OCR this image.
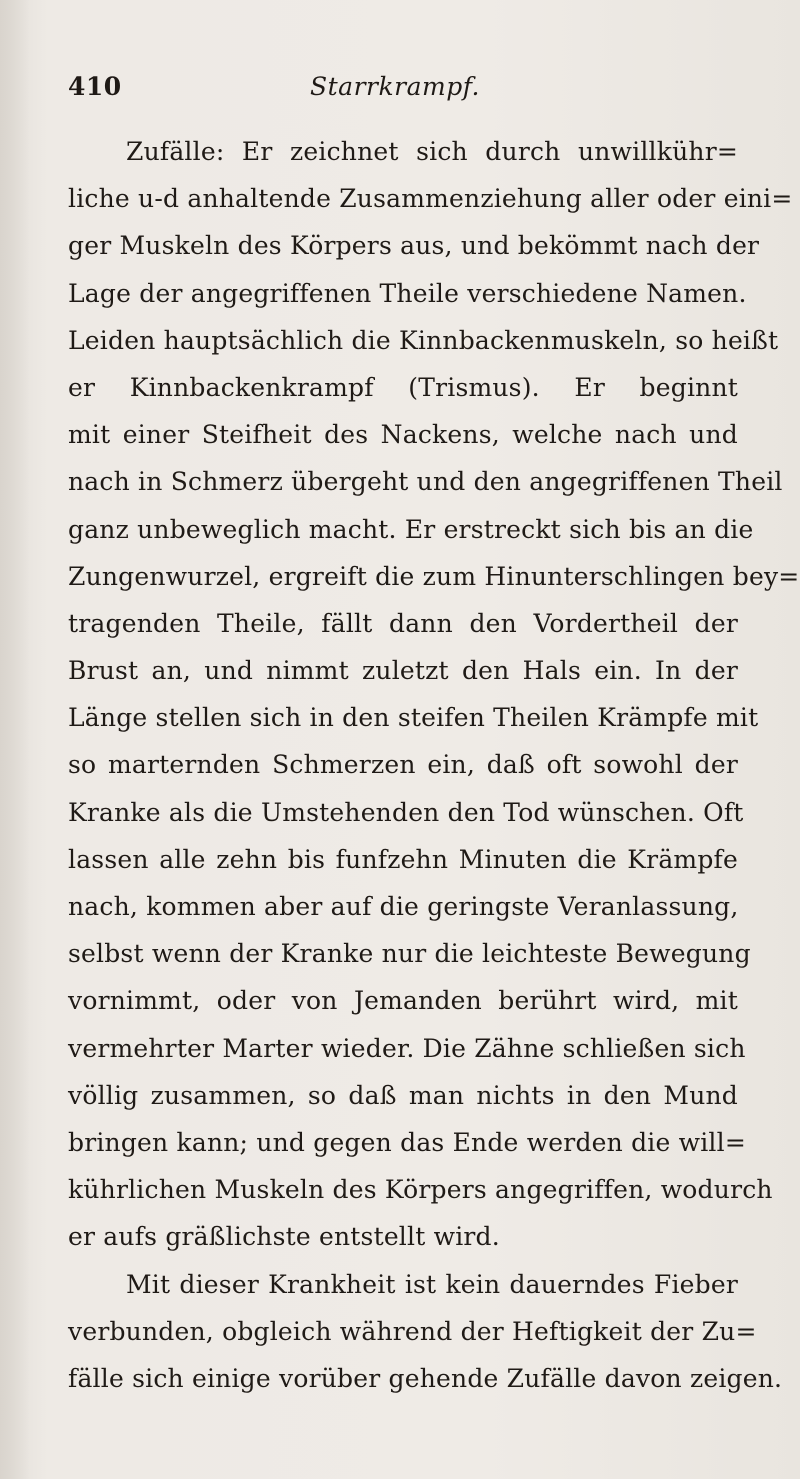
410	Starrkrampf.
Zufälle: Er zeichnet sich durch unwillkühr=
liche u-d anhaltende Zusammenziehung aller oder eini=
ger Muskeln des Körpers aus, und bekömmt nach der
Lage der angegriffenen Theile verschiedene Namen.
Leiden hauptsächlich die Kinnbackenmuskeln, so heißt
er Kinnbackenkrampf (Trismus). Er beginnt
mit einer Steifheit des Nackens, welche nach und
nach in Schmerz übergeht und den angegriffenen Theil
ganz unbeweglich macht. Er erstreckt sich bis an die
Zungenwurzel, ergreift die zum Hinunterschlingen bey=
tragenden Theile, fällt dann den Vordertheil der
Brust an, und nimmt zuletzt den Hals ein. In der
Länge stellen sich in den steifen Theilen Krämpfe mit
so marternden Schmerzen ein, daß oft sowohl der
Kranke als die Umstehenden den Tod wünschen. Oft
lassen alle zehn bis funfzehn Minuten die Krämpfe
nach, kommen aber auf die geringste Veranlassung,
selbst wenn der Kranke nur die leichteste Bewegung
vornimmt, oder von Jemanden berührt wird, mit
vermehrter Marter wieder. Die Zähne schließen sich
völlig zusammen, so daß man nichts in den Mund
bringen kann; und gegen das Ende werden die will=
kührlichen Muskeln des Körpers angegriffen, wodurch
er aufs gräßlichste entstellt wird.
Mit dieser Krankheit ist kein dauerndes Fieber
verbunden, obgleich während der Heftigkeit der Zu=
fälle sich einige vorüber gehende Zufälle davon zeigen.
